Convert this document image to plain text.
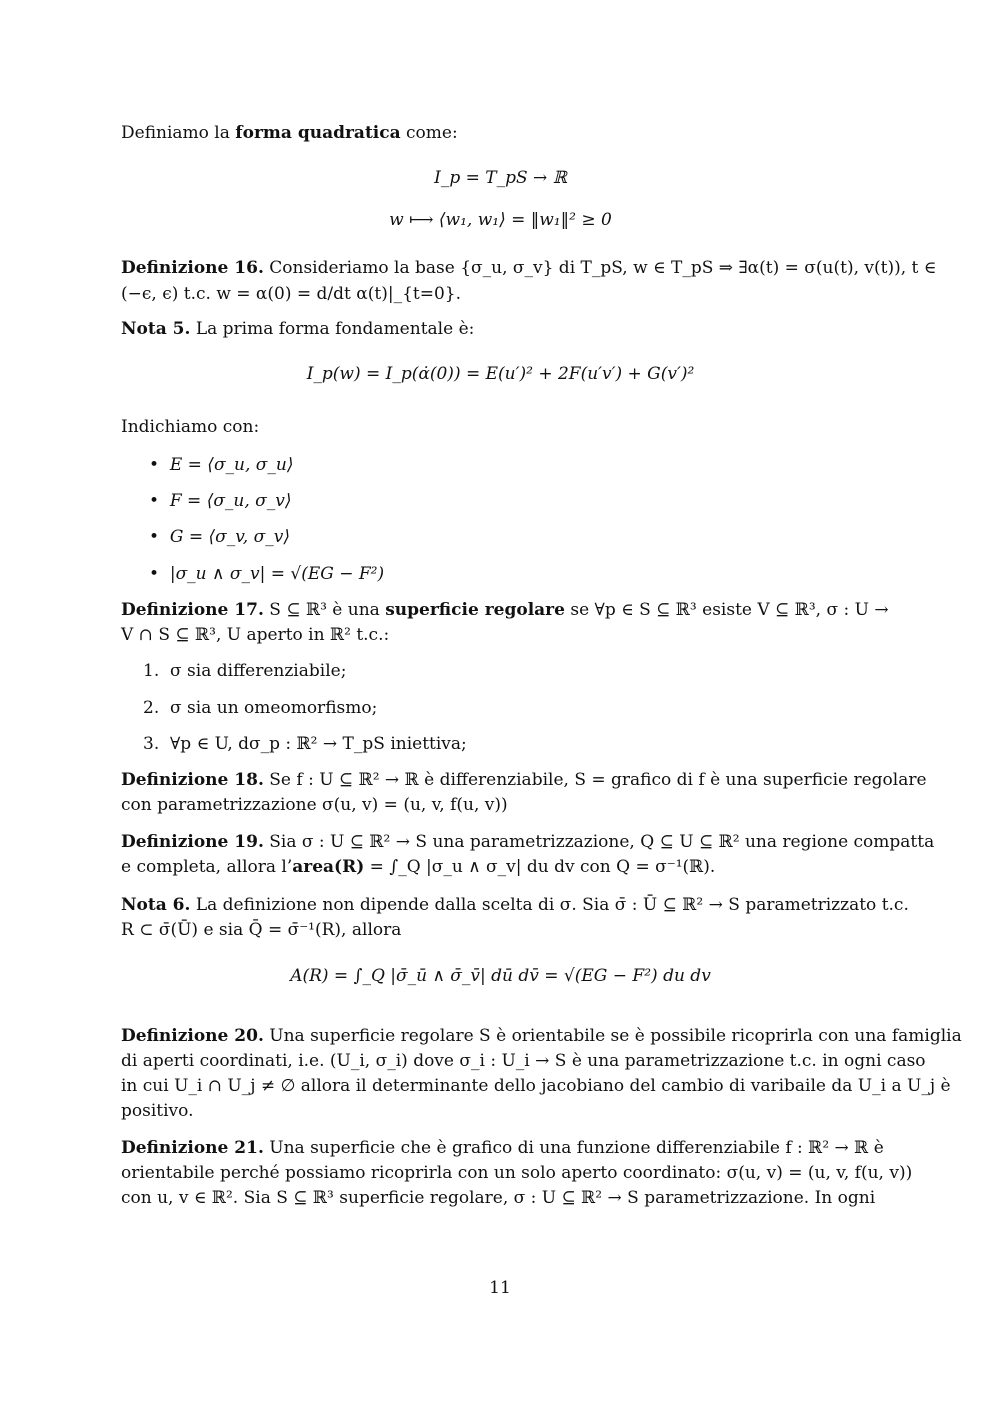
Definiamo la forma quadratica come:
I_p = T_pS → ℝ
w ⟼ ⟨w₁, w₁⟩ = ‖w₁‖² ≥ 0
Definizione 16. Consideriamo la base {σ_u, σ_v} di T_pS, w ∈ T_pS ⇒ ∃α(t) = σ(u(t), v(t)), t ∈
(−ϵ, ϵ) t.c. w = α(0) = d/dt α(t)|_{t=0}.
Nota 5. La prima forma fondamentale è:
I_p(w) = I_p(α̇(0)) = E(u′)² + 2F(u′v′) + G(v′)²
Indichiamo con:
•  E = ⟨σ_u, σ_u⟩
•  F = ⟨σ_u, σ_v⟩
•  G = ⟨σ_v, σ_v⟩
•  |σ_u ∧ σ_v| = √(EG − F²)
Definizione 17. S ⊆ ℝ³ è una superficie regolare se ∀p ∈ S ⊆ ℝ³ esiste V ⊆ ℝ³, σ : U →
V ∩ S ⊆ ℝ³, U aperto in ℝ² t.c.:
1. σ sia differenziabile;
2. σ sia un omeomorfismo;
3. ∀p ∈ U, dσ_p : ℝ² → T_pS iniettiva;
Definizione 18. Se f : U ⊆ ℝ² → ℝ è differenziabile, S = grafico di f è una superficie regolare
con parametrizzazione σ(u, v) = (u, v, f(u, v))
Definizione 19. Sia σ : U ⊆ ℝ² → S una parametrizzazione, Q ⊆ U ⊆ ℝ² una regione compatta
e completa, allora l’area(R) = ∫_Q |σ_u ∧ σ_v| du dv con Q = σ⁻¹(ℝ).
Nota 6. La definizione non dipende dalla scelta di σ. Sia σ̄ : Ū ⊆ ℝ² → S parametrizzato t.c.
R ⊂ σ̄(Ū) e sia Q̄ = σ̄⁻¹(R), allora
A(R) = ∫_Q |σ̄_ū ∧ σ̄_v̄| dū dv̄ = √(EG − F²) du dv
Definizione 20. Una superficie regolare S è orientabile se è possibile ricoprirla con una famiglia
di aperti coordinati, i.e. (U_i, σ_i) dove σ_i : U_i → S è una parametrizzazione t.c. in ogni caso
in cui U_i ∩ U_j ≠ ∅ allora il determinante dello jacobiano del cambio di varibaile da U_i a U_j è
positivo.
Definizione 21. Una superficie che è grafico di una funzione differenziabile f : ℝ² → ℝ è
orientabile perché possiamo ricoprirla con un solo aperto coordinato: σ(u, v) = (u, v, f(u, v))
con u, v ∈ ℝ². Sia S ⊆ ℝ³ superficie regolare, σ : U ⊆ ℝ² → S parametrizzazione. In ogni
11
